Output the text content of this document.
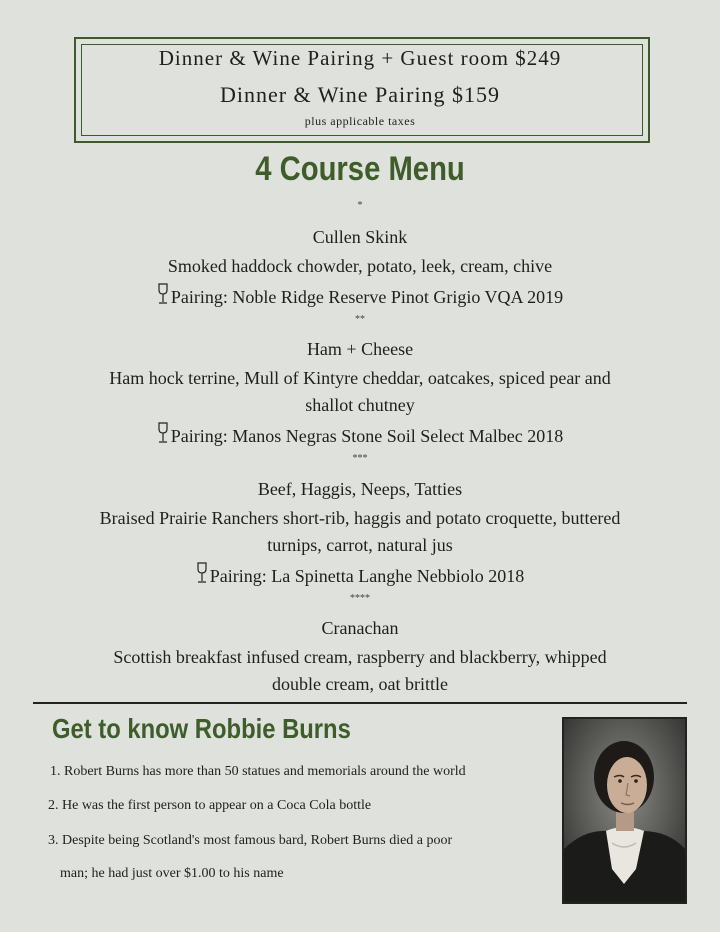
Dinner & Wine Pairing + Guest room $249
Dinner & Wine Pairing $159
plus applicable taxes
4 Course Menu
*
Cullen Skink
Smoked haddock chowder, potato, leek, cream, chive
Pairing: Noble Ridge Reserve Pinot Grigio VQA 2019
**
Ham + Cheese
Ham hock terrine, Mull of Kintyre cheddar, oatcakes, spiced pear and
shallot chutney
Pairing: Manos Negras Stone Soil Select Malbec 2018
***
Beef, Haggis, Neeps, Tatties
Braised Prairie Ranchers short-rib, haggis and potato croquette, buttered
turnips, carrot, natural jus
Pairing: La Spinetta Langhe Nebbiolo 2018
****
Cranachan
Scottish breakfast infused cream, raspberry and blackberry, whipped
double cream, oat brittle
Get to know Robbie Burns
1. Robert Burns has more than 50 statues and memorials around the world
2. He was the first person to appear on a Coca Cola bottle
3. Despite being Scotland's most famous bard, Robert Burns died a poor
man; he had just over $1.00 to his name
